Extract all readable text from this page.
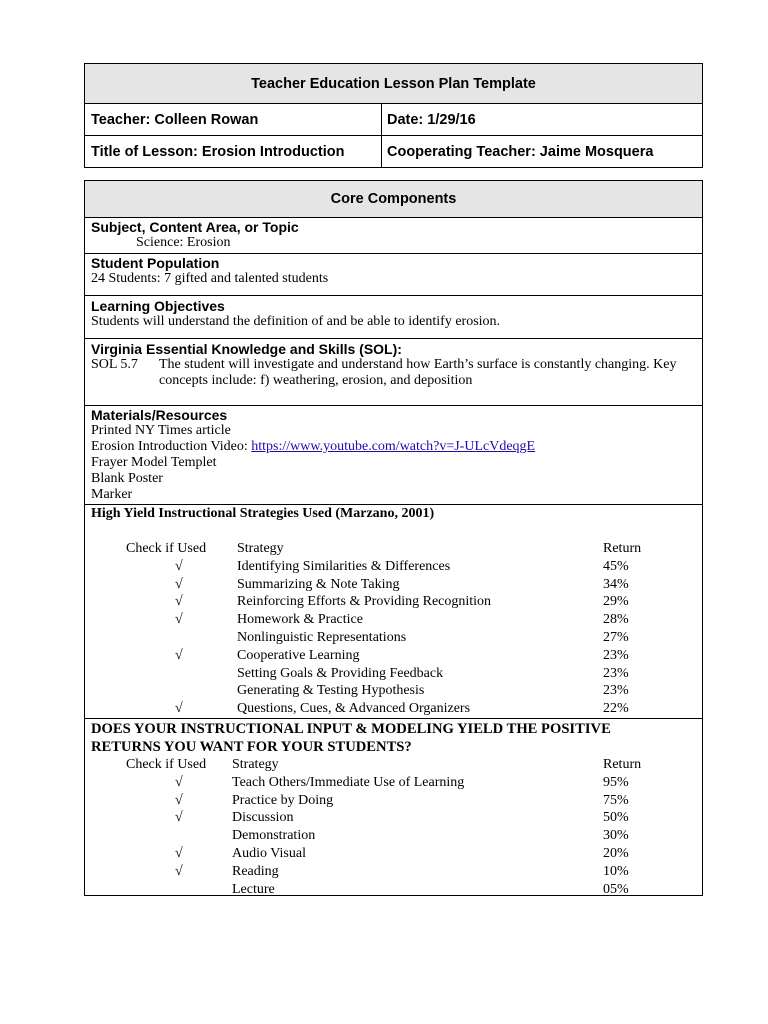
Teacher Education Lesson Plan Template
Teacher: Colleen Rowan	Date: 1/29/16
Title of Lesson: Erosion Introduction	Cooperating Teacher: Jaime Mosquera
Core Components
Subject, Content Area, or Topic
Science: Erosion
Student Population
24 Students: 7 gifted and talented students
Learning Objectives
Students will understand the definition of and be able to identify erosion.
Virginia Essential Knowledge and Skills (SOL):
SOL 5.7	The student will investigate and understand how Earth’s surface is constantly changing. Key concepts include: f) weathering, erosion, and deposition
Materials/Resources
Printed NY Times article
Erosion Introduction Video: https://www.youtube.com/watch?v=J-ULcVdeqgE
Frayer Model Templet
Blank Poster
Marker
High Yield Instructional Strategies Used (Marzano, 2001)
Check if Used Strategy	Return
√	Identifying Similarities & Differences	45%
√	Summarizing & Note Taking	34%
√	Reinforcing Efforts & Providing Recognition	29%
√	Homework & Practice	28%
Nonlinguistic Representations	27%
√	Cooperative Learning	23%
Setting Goals & Providing Feedback	23%
Generating & Testing Hypothesis	23%
√	Questions, Cues, & Advanced Organizers	22%
DOES YOUR INSTRUCTIONAL INPUT & MODELING YIELD THE POSITIVE
RETURNS YOU WANT FOR YOUR STUDENTS?
Check if Used Strategy	Return
√	Teach Others/Immediate Use of Learning	95%
√	Practice by Doing	75%
√	Discussion	50%
Demonstration	30%
√	Audio Visual	20%
√	Reading	10%
Lecture	05%
